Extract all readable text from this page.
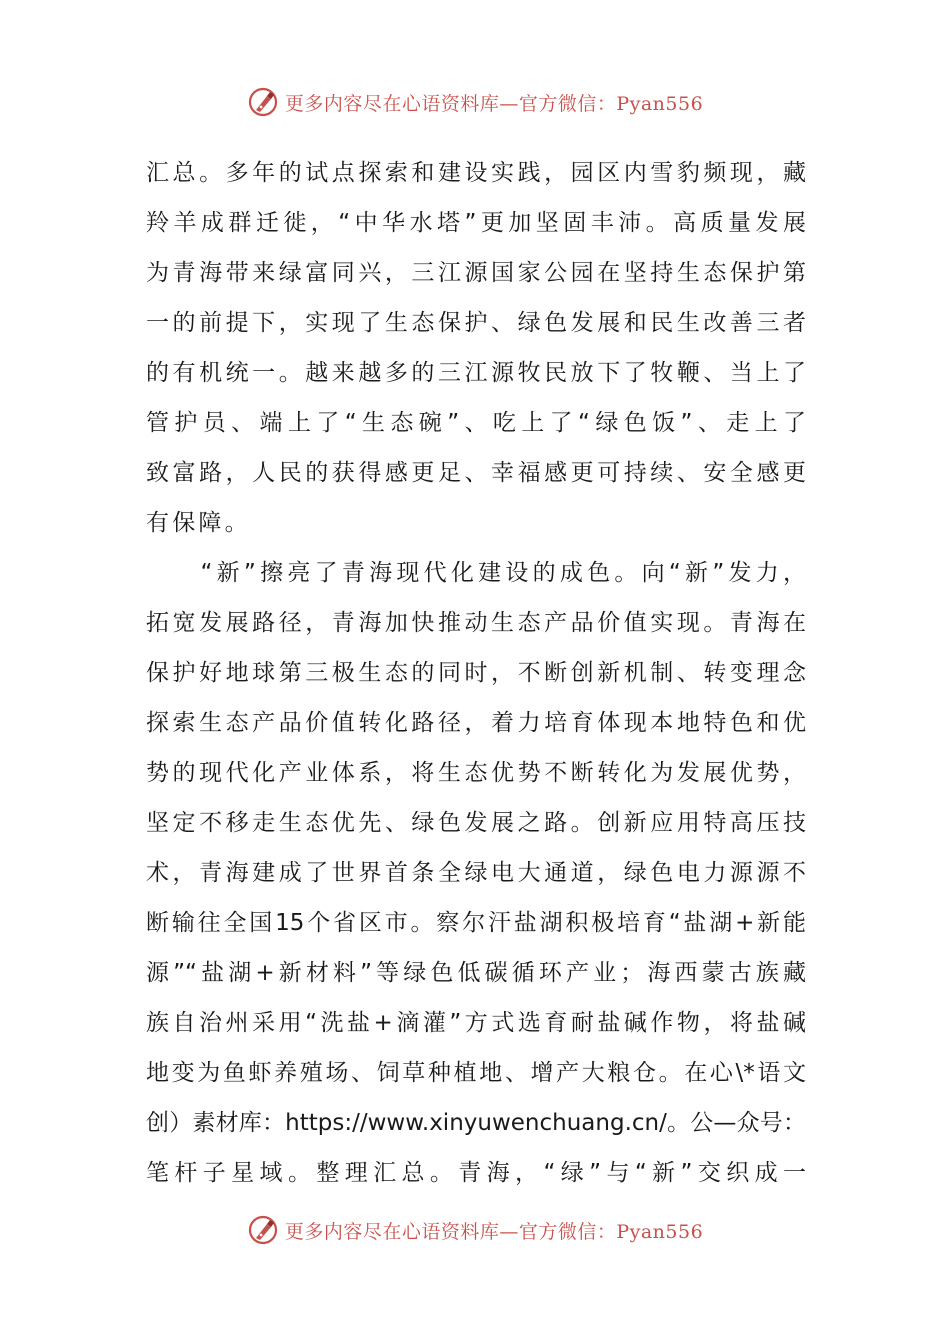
更多内容尽在心语资料库—官方微信：Pyan556
汇总。多年的试点探索和建设实践，园区内雪豹频现，藏
羚羊成群迁徙，“中华水塔”更加坚固丰沛。高质量发展
为青海带来绿富同兴，三江源国家公园在坚持生态保护第
一的前提下，实现了生态保护、绿色发展和民生改善三者
的有机统一。越来越多的三江源牧民放下了牧鞭、当上了
管护员、端上了“生态碗”、吃上了“绿色饭”、走上了
致富路，人民的获得感更足、幸福感更可持续、安全感更
有保障。
　　“新”擦亮了青海现代化建设的成色。向“新”发力，
拓宽发展路径，青海加快推动生态产品价值实现。青海在
保护好地球第三极生态的同时，不断创新机制、转变理念
探索生态产品价值转化路径，着力培育体现本地特色和优
势的现代化产业体系，将生态优势不断转化为发展优势，
坚定不移走生态优先、绿色发展之路。创新应用特高压技
术，青海建成了世界首条全绿电大通道，绿色电力源源不
断输往全国15个省区市。察尔汗盐湖积极培育“盐湖+新能
源”“盐湖+新材料”等绿色低碳循环产业；海西蒙古族藏
族自治州采用“洗盐+滴灌”方式选育耐盐碱作物，将盐碱
地变为鱼虾养殖场、饲草种植地、增产大粮仓。在心\*语文
创）素材库：https://www.xinyuwenchuang.cn/。公—众号：
笔杆子星域。整理汇总。青海，“绿”与“新”交织成一
更多内容尽在心语资料库—官方微信：Pyan556
